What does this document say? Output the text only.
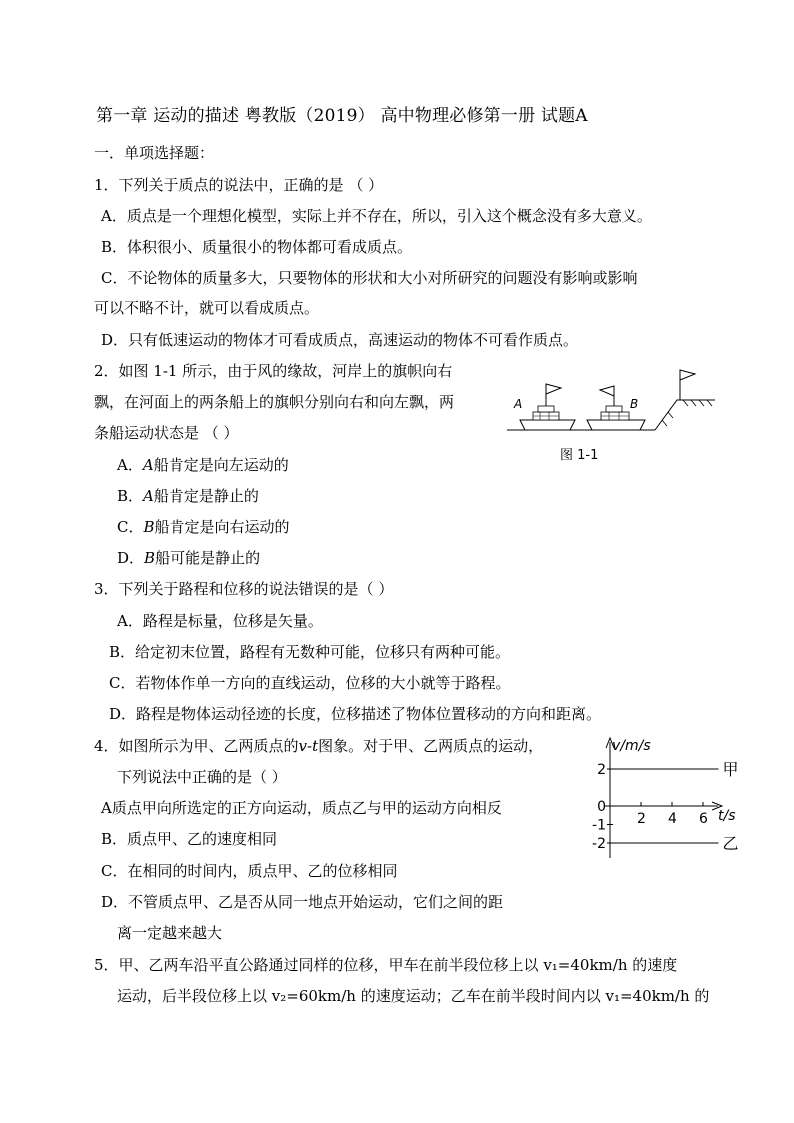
第一章 运动的描述 粤教版（2019） 高中物理必修第一册 试题A
一．单项选择题：
1．下列关于质点的说法中，正确的是 （ ）
A．质点是一个理想化模型，实际上并不存在，所以，引入这个概念没有多大意义。
B．体积很小、质量很小的物体都可看成质点。
C．不论物体的质量多大，只要物体的形状和大小对所研究的问题没有影响或影响
可以不略不计，就可以看成质点。
D．只有低速运动的物体才可看成质点，高速运动的物体不可看作质点。
2．如图 1-1 所示，由于风的缘故，河岸上的旗帜向右
飘，在河面上的两条船上的旗帜分别向右和向左飘，两
条船运动状态是 （ ）
A．A船肯定是向左运动的
B．A船肯定是静止的
C．B船肯定是向右运动的
D．B船可能是静止的
A	B
图 1-1
3．下列关于路程和位移的说法错误的是（ ）
A．路程是标量，位移是矢量。
B．给定初末位置，路程有无数种可能，位移只有两种可能。
C．若物体作单一方向的直线运动，位移的大小就等于路程。
D．路程是物体运动径迹的长度，位移描述了物体位置移动的方向和距离。
4．如图所示为甲、乙两质点的v-t图象。对于甲、乙两质点的运动，
下列说法中正确的是（ ）
A质点甲向所选定的正方向运动，质点乙与甲的运动方向相反
B．质点甲、乙的速度相同
C．在相同的时间内，质点甲、乙的位移相同
D．不管质点甲、乙是否从同一地点开始运动，它们之间的距
离一定越来越大
v/m/s
t/s
2 4 6
2
0
-1
-2
甲
乙
5．甲、乙两车沿平直公路通过同样的位移，甲车在前半段位移上以 v₁=40km/h 的速度
运动，后半段位移上以 v₂=60km/h 的速度运动；乙车在前半段时间内以 v₁=40km/h 的
